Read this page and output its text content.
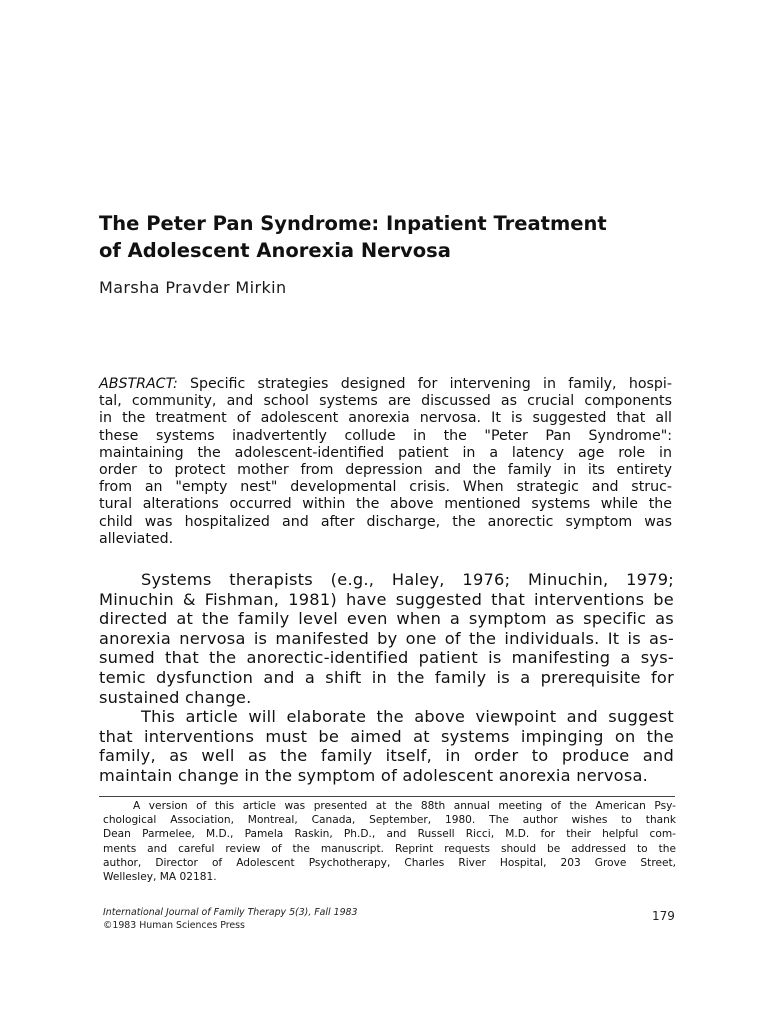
The Peter Pan Syndrome: Inpatient Treatment
of Adolescent Anorexia Nervosa
Marsha Pravder Mirkin
ABSTRACT: Specific strategies designed for intervening in family, hospi-
tal, community, and school systems are discussed as crucial components
in the treatment of adolescent anorexia nervosa. It is suggested that all
these systems inadvertently collude in the "Peter Pan Syndrome":
maintaining the adolescent-identified patient in a latency age role in
order to protect mother from depression and the family in its entirety
from an "empty nest" developmental crisis. When strategic and struc-
tural alterations occurred within the above mentioned systems while the
child was hospitalized and after discharge, the anorectic symptom was
alleviated.
Systems therapists (e.g., Haley, 1976; Minuchin, 1979;
Minuchin & Fishman, 1981) have suggested that interventions be
directed at the family level even when a symptom as specific as
anorexia nervosa is manifested by one of the individuals. It is as-
sumed that the anorectic-identified patient is manifesting a sys-
temic dysfunction and a shift in the family is a prerequisite for
sustained change.
This article will elaborate the above viewpoint and suggest
that interventions must be aimed at systems impinging on the
family, as well as the family itself, in order to produce and
maintain change in the symptom of adolescent anorexia nervosa.
A version of this article was presented at the 88th annual meeting of the American Psy-
chological Association, Montreal, Canada, September, 1980. The author wishes to thank
Dean Parmelee, M.D., Pamela Raskin, Ph.D., and Russell Ricci, M.D. for their helpful com-
ments and careful review of the manuscript. Reprint requests should be addressed to the
author, Director of Adolescent Psychotherapy, Charles River Hospital, 203 Grove Street,
Wellesley, MA 02181.
International Journal of Family Therapy 5(3), Fall 1983
©1983 Human Sciences Press
179
